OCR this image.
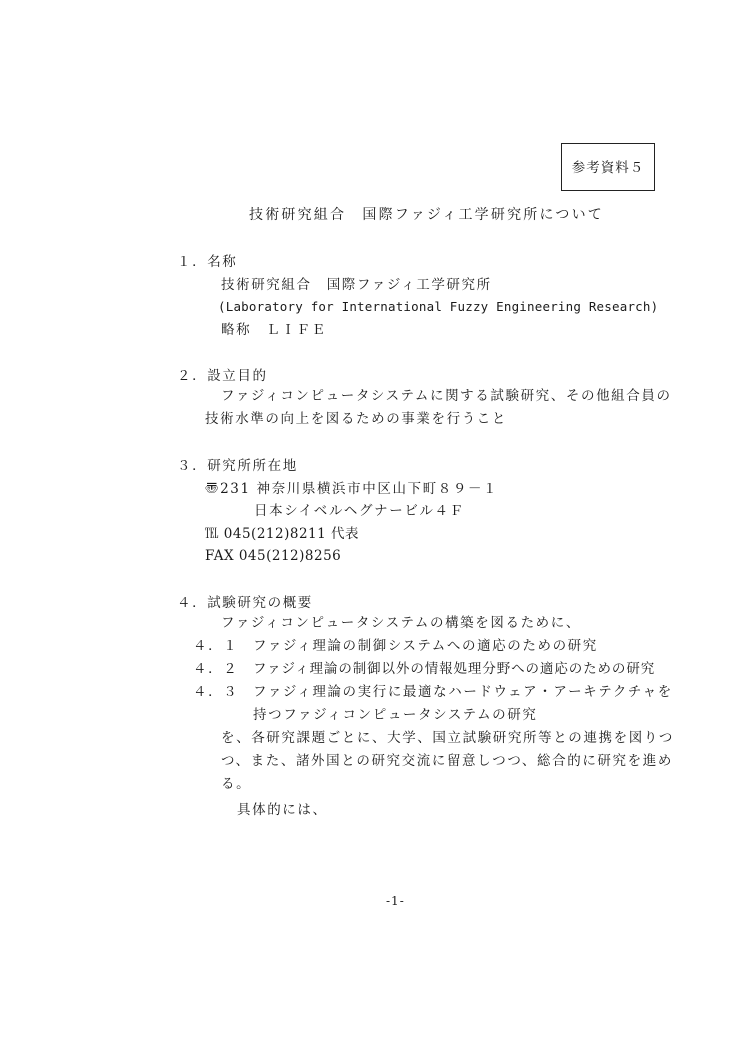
参考資料５
技術研究組合　国際ファジィ工学研究所について
１．名称
技術研究組合　国際ファジィ工学研究所
(Laboratory for International Fuzzy Engineering Research)
略称　ＬＩＦＥ
２．設立目的
ファジィコンピュータシステムに関する試験研究、その他組合員の
技術水準の向上を図るための事業を行うこと
３．研究所所在地
〠231 神奈川県横浜市中区山下町８９－１
日本シイベルヘグナービル４Ｆ
℡ 045(212)8211 代表
FAX 045(212)8256
４．試験研究の概要
ファジィコンピュータシステムの構築を図るために、
４．１ ファジィ理論の制御システムへの適応のための研究
４．２ ファジィ理論の制御以外の情報処理分野への適応のための研究
４．３ ファジィ理論の実行に最適なハードウェア・アーキテクチャを
持つファジィコンピュータシステムの研究
を、各研究課題ごとに、大学、国立試験研究所等との連携を図りつ
つ、また、諸外国との研究交流に留意しつつ、総合的に研究を進め
る。
具体的には、
-1-
